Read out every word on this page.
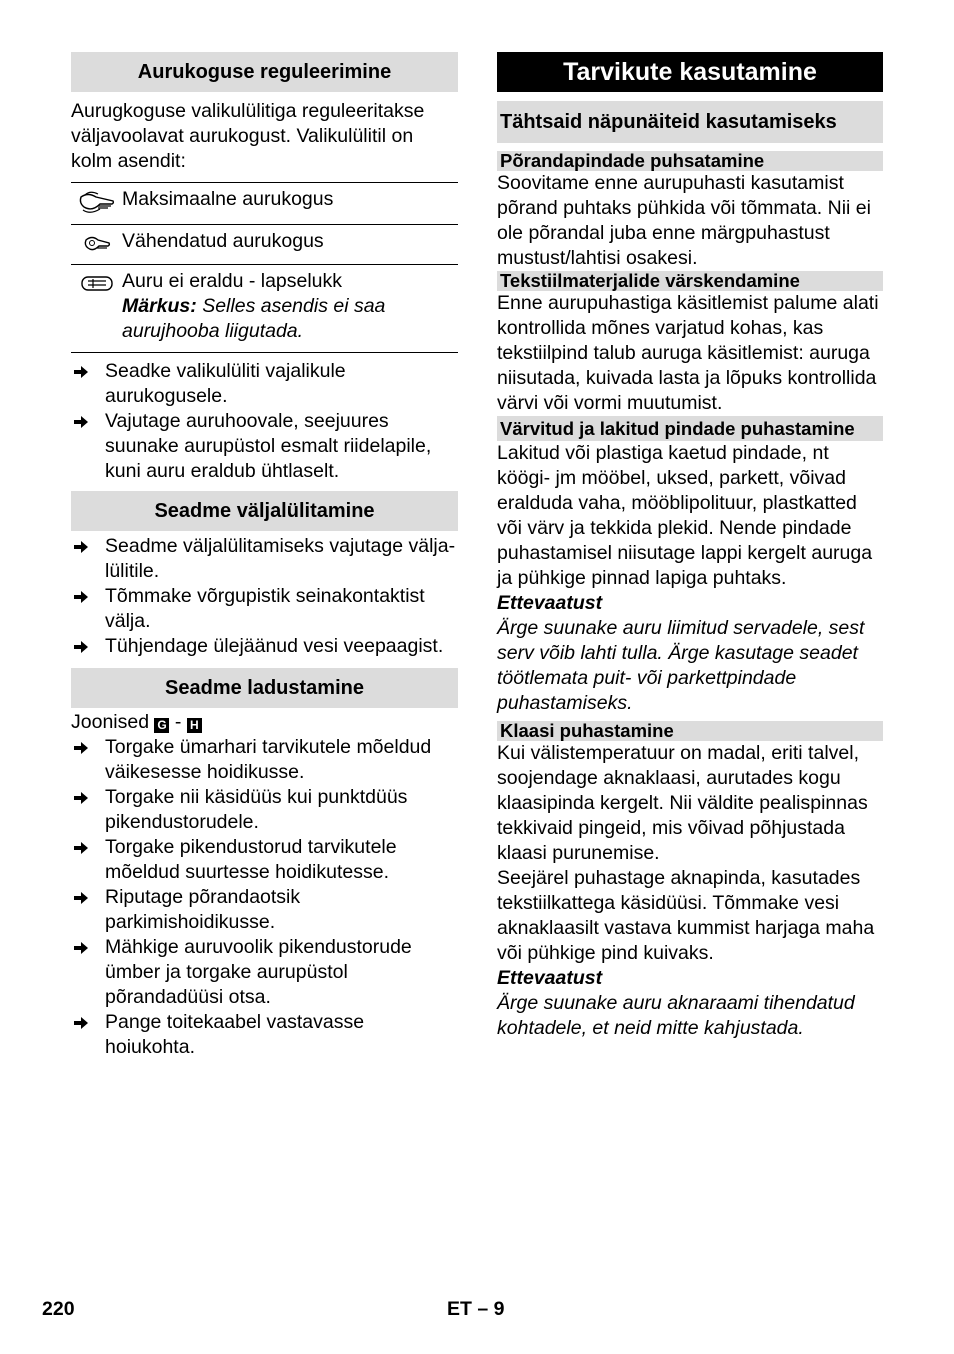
Aurukoguse reguleerimine

Aurugkoguse valikulülitiga reguleeritakse väljavoolavat aurukogust. Valikulülitil on kolm asendit:

Maksimaalne aurukogus
Vähendatud aurukogus
Auru ei eraldu - lapselukk
Märkus: Selles asendis ei saa aurujhooba liigutada.
Seadke valikulüliti vajalikule aurukogusele.
Vajutage auruhoovale, seejuures suunake aurupüstol esmalt riidelapile, kuni auru eraldub ühtlaselt.
Seadme väljalülitamine
Seadme väljalülitamiseks vajutage välja-lülitile.
Tõmmake võrgupistik seinakontaktist välja.
Tühjendage ülejäänud vesi veepaagist.
Seadme ladustamine

Joonised G - H

Torgake ümarhari tarvikutele mõeldud väikesesse hoidikusse.
Torgake nii käsidüüs kui punktdüüs pikendustorudele.
Torgake pikendustorud tarvikutele mõeldud suurtesse hoidikutesse.
Riputage põrandaotsik parkimishoidikusse.
Mähkige auruvoolik pikendustorude ümber ja torgake aurupüstol põrandadüüsi otsa.
Pange toitekaabel vastavasse hoiukohta.
Tarvikute kasutamine
Tähtsaid näpunäiteid kasutamiseks
Põrandapindade puhsatamine

Soovitame enne aurupuhasti kasutamist põrand puhtaks pühkida või tõmmata. Nii ei ole põrandal juba enne märgpuhastust mustust/lahtisi osakesi.

Tekstiilmaterjalide värskendamine

Enne aurupuhastiga käsitlemist palume alati kontrollida mõnes varjatud kohas, kas tekstiilpind talub auruga käsitlemist: auruga niisutada, kuivada lasta ja lõpuks kontrollida värvi või vormi muutumist.

Värvitud ja lakitud pindade puhastamine

Lakitud või plastiga kaetud pindade, nt köögi- jm mööbel, uksed, parkett, võivad eralduda vaha, mööblipolituur, plastkatted või värv ja tekkida plekid. Nende pindade puhastamisel niisutage lappi kergelt auruga ja pühkige pinnad lapiga puhtaks.

Ettevaatust

Ärge suunake auru liimitud servadele, sest serv võib lahti tulla. Ärge kasutage seadet töötlemata puit- või parkettpindade puhastamiseks.

Klaasi puhastamine

Kui välistemperatuur on madal, eriti talvel, soojendage aknaklaasi, aurutades kogu klaasipinda kergelt. Nii väldite pealispinnas tekkivaid pingeid, mis võivad põhjustada klaasi purunemise.

Seejärel puhastage aknapinda, kasutades tekstiilkattega käsidüüsi. Tõmmake vesi aknaklaasilt vastava kummist harjaga maha või pühkige pind kuivaks.

Ettevaatust

Ärge suunake auru aknaraami tihendatud kohtadele, et neid mitte kahjustada.

220	ET – 9
